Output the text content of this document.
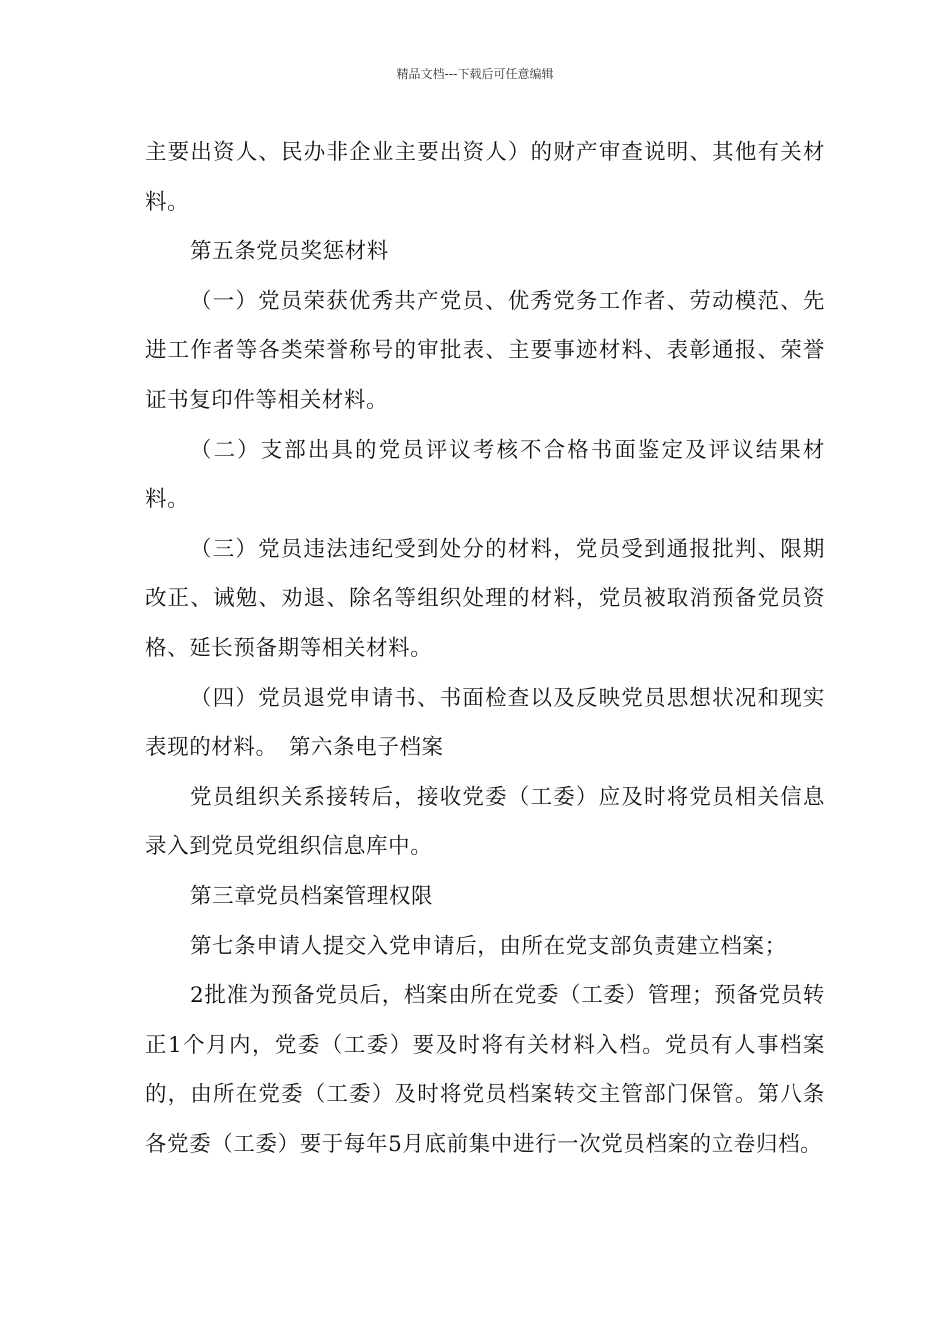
精品文档---下载后可任意编辑

主要出资人、民办非企业主要出资人）的财产审查说明、其他有关材料。

第五条党员奖惩材料

（一）党员荣获优秀共产党员、优秀党务工作者、劳动模范、先进工作者等各类荣誉称号的审批表、主要事迹材料、表彰通报、荣誉证书复印件等相关材料。

（二）支部出具的党员评议考核不合格书面鉴定及评议结果材料。

（三）党员违法违纪受到处分的材料，党员受到通报批判、限期改正、诫勉、劝退、除名等组织处理的材料，党员被取消预备党员资格、延长预备期等相关材料。

（四）党员退党申请书、书面检查以及反映党员思想状况和现实表现的材料。　第六条电子档案

党员组织关系接转后，接收党委（工委）应及时将党员相关信息录入到党员党组织信息库中。

第三章党员档案管理权限

第七条申请人提交入党申请后，由所在党支部负责建立档案；

2批准为预备党员后，档案由所在党委（工委）管理；预备党员转正1个月内，党委（工委）要及时将有关材料入档。党员有人事档案的，由所在党委（工委）及时将党员档案转交主管部门保管。第八条各党委（工委）要于每年5月底前集中进行一次党员档案的立卷归档。
